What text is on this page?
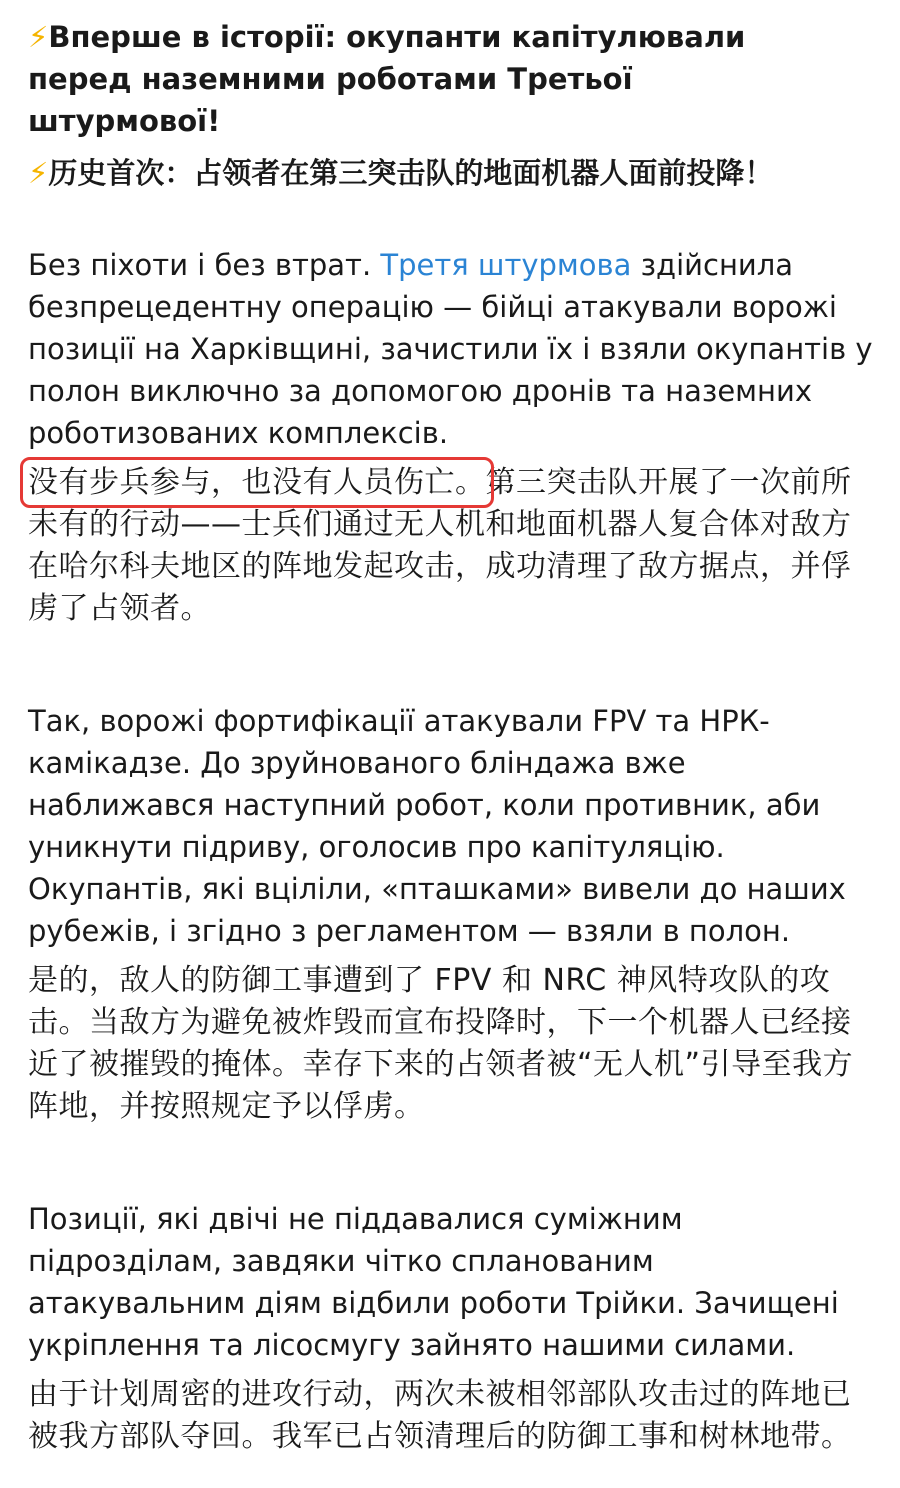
⚡Вперше в історії: окупанти капітулювали перед наземними роботами Третьої штурмової!

⚡历史首次：占领者在第三突击队的地面机器人面前投降！

Без піхоти і без втрат. Третя штурмова здійснила безпрецедентну операцію — бійці атакували ворожі позиції на Харківщині, зачистили їх і взяли окупантів у полон виключно за допомогою дронів та наземних роботизованих комплексів.

没有步兵参与，也没有人员伤亡。第三突击队开展了一次前所未有的行动——士兵们通过无人机和地面机器人复合体对敌方在哈尔科夫地区的阵地发起攻击，成功清理了敌方据点，并俘虏了占领者。

Так, ворожі фортифікації атакували FPV та НРК-камікадзе. До зруйнованого бліндажа вже наближався наступний робот, коли противник, аби уникнути підриву, оголосив про капітуляцію. Окупантів, які вціліли, «пташками» вивели до наших рубежів, і згідно з регламентом — взяли в полон.

是的，敌人的防御工事遭到了 FPV 和 NRC 神风特攻队的攻击。当敌方为避免被炸毁而宣布投降时，下一个机器人已经接近了被摧毁的掩体。幸存下来的占领者被“无人机”引导至我方阵地，并按照规定予以俘虏。

Позиції, які двічі не піддавалися суміжним підрозділам, завдяки чітко спланованим атакувальним діям відбили роботи Трійки. Зачищені укріплення та лісосмугу зайнято нашими силами.

由于计划周密的进攻行动，两次未被相邻部队攻击过的阵地已被我方部队夺回。我军已占领清理后的防御工事和树林地带。
